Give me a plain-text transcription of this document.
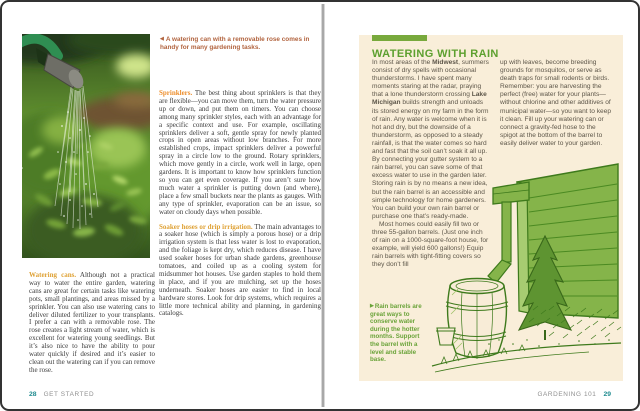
◀ A watering can with a removable rose comes in handy for many gardening tasks.

Sprinklers. The best thing about sprinklers is that they are flexible—you can move them, turn the water pressure up or down, and put them on timers. You can choose among many sprinkler styles, each with an advantage for a specific context and use. For example, oscillating sprinklers deliver a soft, gentle spray for newly planted crops in open areas without low branches. For more established crops, impact sprinklers deliver a powerful spray in a circle low to the ground. Rotary sprinklers, which move gently in a circle, work well in large, open gardens. It is important to know how sprinklers function so you can get even coverage. If you aren’t sure how much water a sprinkler is putting down (and where), place a few small buckets near the plants as gauges. With any type of sprinkler, evaporation can be an issue, so water on cloudy days when possible.

Soaker hoses or drip irrigation. The main advantages to a soaker hose (which is simply a porous hose) or a drip irrigation system is that less water is lost to evaporation, and the foliage is kept dry, which reduces disease. I have used soaker hoses for urban shade gardens, greenhouse tomatoes, and coiled up as a cooling system for midsummer hot houses. Use garden staples to hold them in place, and if you are mulching, set up the hoses underneath. Soaker hoses are easier to find in local hardware stores. Look for drip systems, which requires a little more technical ability and planning, in gardening catalogs.

Watering cans. Although not a practical way to water the entire garden, watering cans are great for certain tasks like watering pots, small plantings, and areas missed by a sprinkler. You can also use watering cans to deliver diluted fertilizer to your transplants. I prefer a can with a removable rose. The rose creates a light stream of water, which is excellent for watering young seedlings. But it’s also nice to have the ability to pour water quickly if desired and it’s easier to clean out the watering can if you can remove the rose.

28 GET STARTED
WATERING WITH RAIN

In most areas of the Midwest, summers consist of dry spells with occasional thunderstorms. I have spent many moments staring at the radar, praying that a lone thunderstorm crossing Lake Michigan builds strength and unloads its stored energy on my farm in the form of rain. Any water is welcome when it is hot and dry, but the downside of a thunderstorm, as opposed to a steady rainfall, is that the water comes so hard and fast that the soil can’t soak it all up. By connecting your gutter system to a rain barrel, you can save some of that excess water to use in the garden later. Storing rain is by no means a new idea, but the rain barrel is an accessible and simple technology for home gardeners. You can build your own rain barrel or purchase one that’s ready-made.

Most homes could easily fill two or three 55-gallon barrels. (Just one inch of rain on a 1000-square-foot house, for example, will yield 600 gallons!) Equip rain barrels with tight-fitting covers so they don’t fill

up with leaves, become breeding grounds for mosquitos, or serve as death traps for small rodents or birds. Remember: you are harvesting the perfect (free) water for your plants—without chlorine and other additives of municipal water—so you want to keep it clean. Fill up your watering can or connect a gravity-fed hose to the spigot at the bottom of the barrel to easily deliver water to your garden.

▶Rain barrels are great ways to conserve water during the hotter months. Support the barrel with a level and stable base.
GARDENING 101 29
